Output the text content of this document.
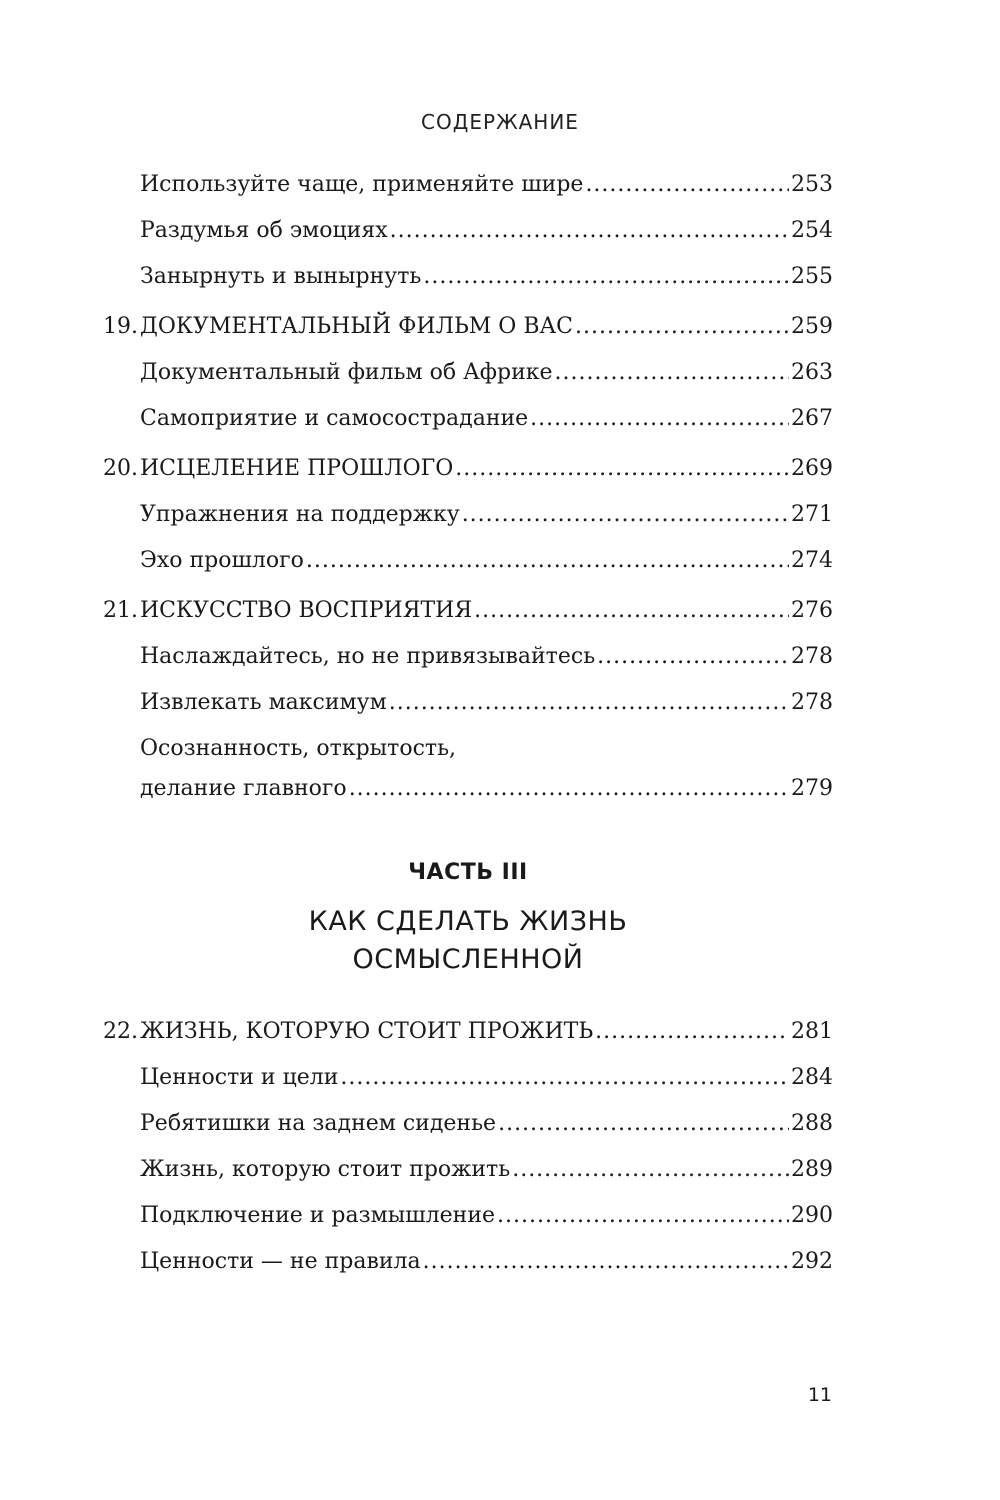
СОДЕРЖАНИЕ
Используйте чаще, применяйте шире .....	253
Раздумья об эмоциях .....	254
Занырнуть и вынырнуть .....	255
19. ДОКУМЕНТАЛЬНЫЙ ФИЛЬМ О ВАС .....	259
Документальный фильм об Африке .....	263
Самоприятие и самосострадание .....	267
20. ИСЦЕЛЕНИЕ ПРОШЛОГО .....	269
Упражнения на поддержку .....	271
Эхо прошлого .....	274
21. ИСКУССТВО ВОСПРИЯТИЯ .....	276
Наслаждайтесь, но не привязывайтесь .....	278
Извлекать максимум .....	278
Осознанность, открытость,
делание главного .....	279
ЧАСТЬ III
КАК СДЕЛАТЬ ЖИЗНЬ
ОСМЫСЛЕННОЙ
22. ЖИЗНЬ, КОТОРУЮ СТОИТ ПРОЖИТЬ .....	281
Ценности и цели .....	284
Ребятишки на заднем сиденье .....	288
Жизнь, которую стоит прожить .....	289
Подключение и размышление .....	290
Ценности — не правила .....	292
11
